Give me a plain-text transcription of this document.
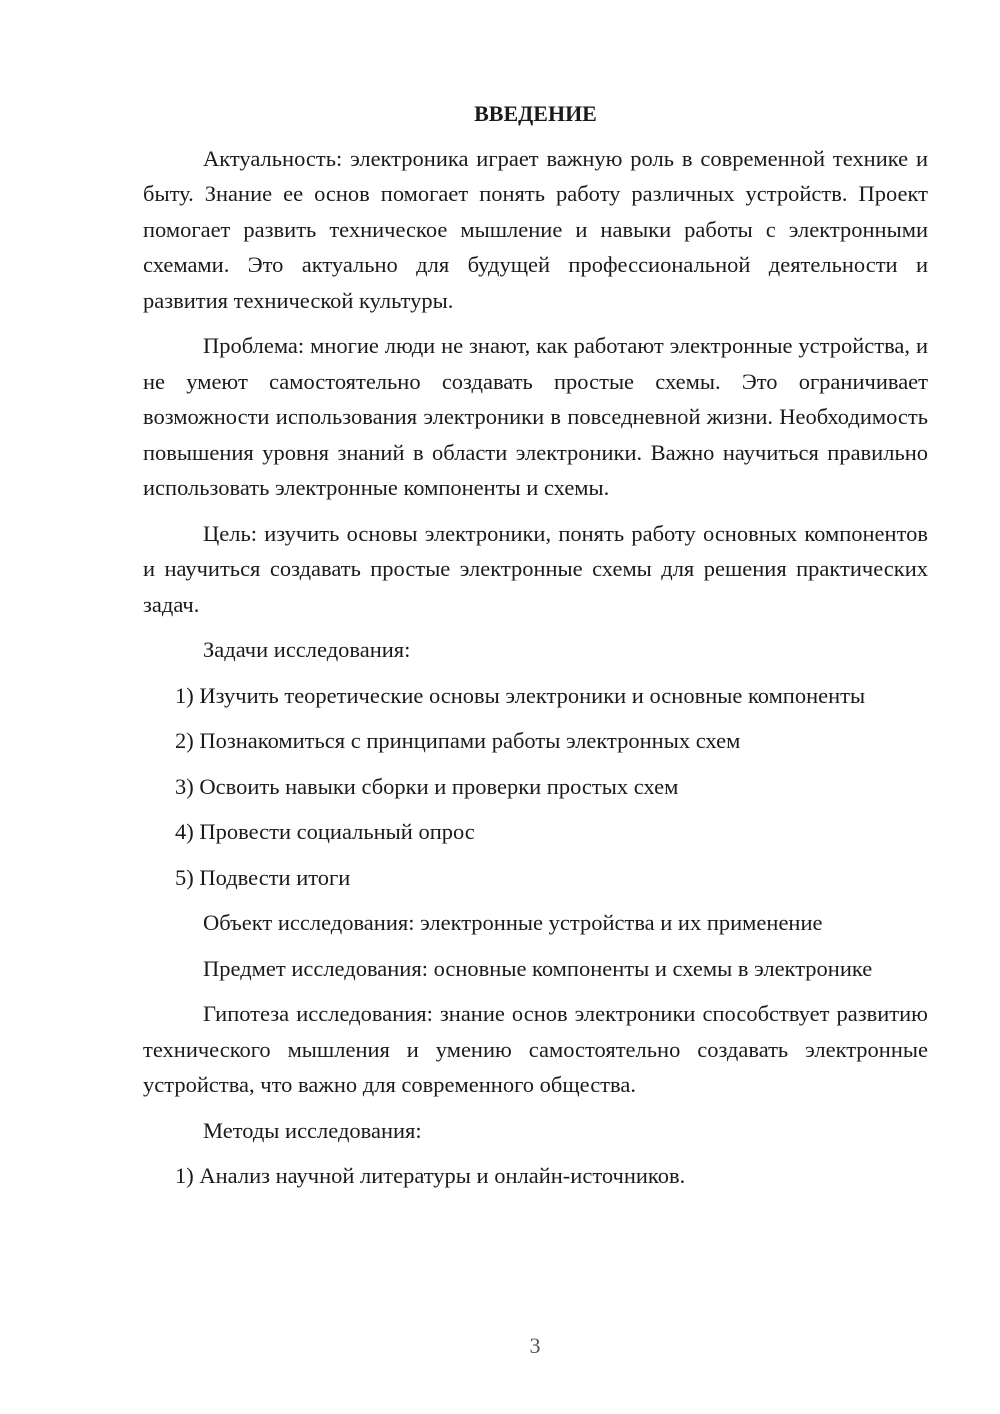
ВВЕДЕНИЕ

Актуальность: электроника играет важную роль в современной технике и быту. Знание ее основ помогает понять работу различных устройств. Проект помогает развить техническое мышление и навыки работы с электронными схемами. Это актуально для будущей профессиональной деятельности и развития технической культуры.

Проблема: многие люди не знают, как работают электронные устройства, и не умеют самостоятельно создавать простые схемы. Это ограничивает возможности использования электроники в повседневной жизни. Необходимость повышения уровня знаний в области электроники. Важно научиться правильно использовать электронные компоненты и схемы.

Цель: изучить основы электроники, понять работу основных компонентов и научиться создавать простые электронные схемы для решения практических задач.

Задачи исследования:

1) Изучить теоретические основы электроники и основные компоненты

2) Познакомиться с принципами работы электронных схем

3) Освоить навыки сборки и проверки простых схем

4) Провести социальный опрос

5) Подвести итоги

Объект исследования: электронные устройства и их применение

Предмет исследования: основные компоненты и схемы в электронике

Гипотеза исследования: знание основ электроники способствует развитию технического мышления и умению самостоятельно создавать электронные устройства, что важно для современного общества.

Методы исследования:

1) Анализ научной литературы и онлайн-источников.

3
